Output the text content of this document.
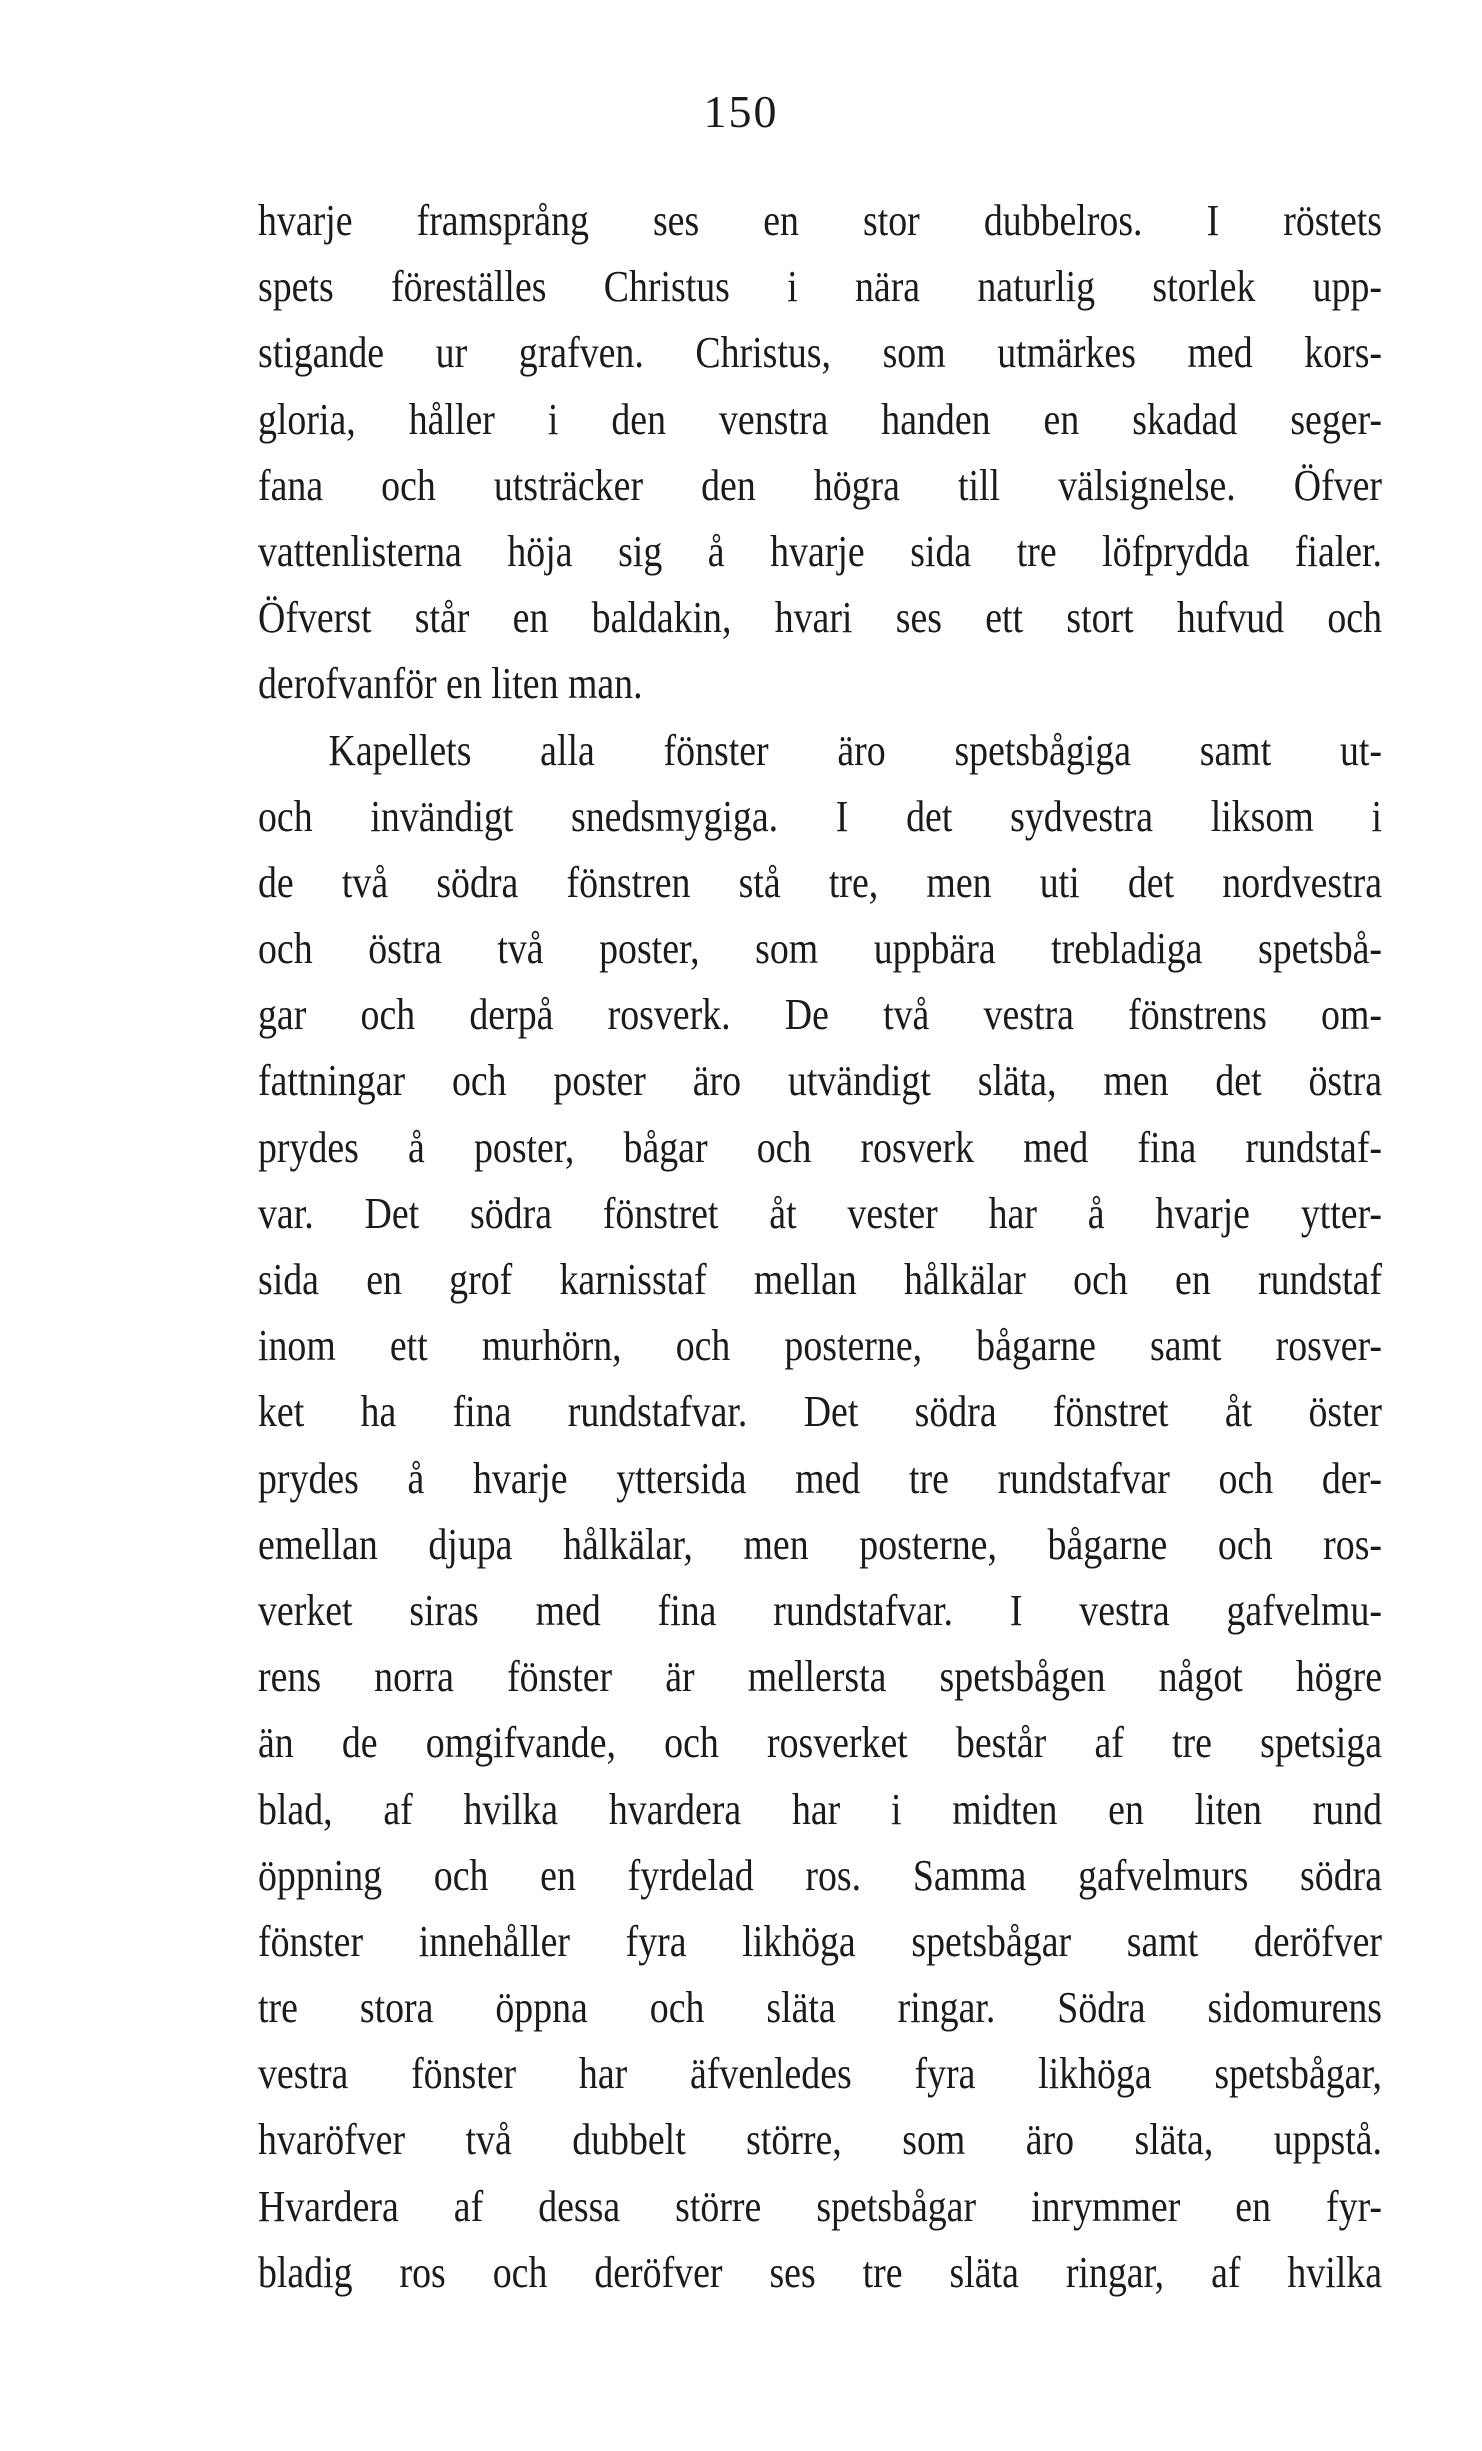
150
hvarje framsprång ses en stor dubbelros. I röstets
spets föreställes Christus i nära naturlig storlek upp-
stigande ur grafven. Christus, som utmärkes med kors-
gloria, håller i den venstra handen en skadad seger-
fana och utsträcker den högra till välsignelse. Öfver
vattenlisterna höja sig å hvarje sida tre löfprydda fialer.
Öfverst står en baldakin, hvari ses ett stort hufvud och
derofvanför en liten man.
Kapellets alla fönster äro spetsbågiga samt ut-
och invändigt snedsmygiga. I det sydvestra liksom i
de två södra fönstren stå tre, men uti det nordvestra
och östra två poster, som uppbära trebladiga spetsbå-
gar och derpå rosverk. De två vestra fönstrens om-
fattningar och poster äro utvändigt släta, men det östra
prydes å poster, bågar och rosverk med fina rundstaf-
var. Det södra fönstret åt vester har å hvarje ytter-
sida en grof karnisstaf mellan hålkälar och en rundstaf
inom ett murhörn, och posterne, bågarne samt rosver-
ket ha fina rundstafvar. Det södra fönstret åt öster
prydes å hvarje yttersida med tre rundstafvar och der-
emellan djupa hålkälar, men posterne, bågarne och ros-
verket siras med fina rundstafvar. I vestra gafvelmu-
rens norra fönster är mellersta spetsbågen något högre
än de omgifvande, och rosverket består af tre spetsiga
blad, af hvilka hvardera har i midten en liten rund
öppning och en fyrdelad ros. Samma gafvelmurs södra
fönster innehåller fyra likhöga spetsbågar samt deröfver
tre stora öppna och släta ringar. Södra sidomurens
vestra fönster har äfvenledes fyra likhöga spetsbågar,
hvaröfver två dubbelt större, som äro släta, uppstå.
Hvardera af dessa större spetsbågar inrymmer en fyr-
bladig ros och deröfver ses tre släta ringar, af hvilka
